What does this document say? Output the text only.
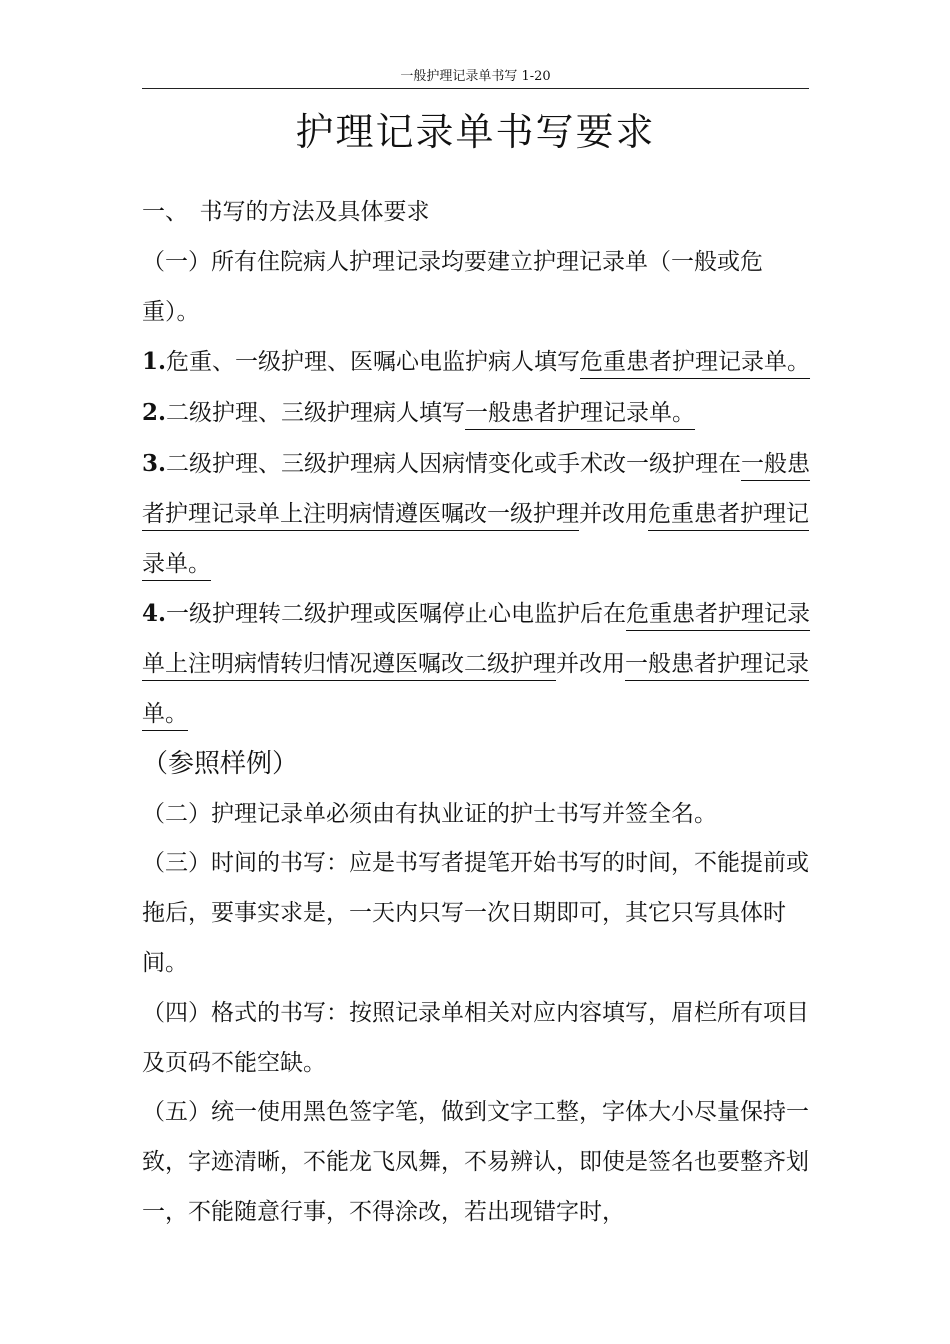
一般护理记录单书写 1-20
护理记录单书写要求

一、　书写的方法及具体要求

（一）所有住院病人护理记录均要建立护理记录单（一般或危重）。

1.危重、一级护理、医嘱心电监护病人填写危重患者护理记录单。

2.二级护理、三级护理病人填写一般患者护理记录单。

3.二级护理、三级护理病人因病情变化或手术改一级护理在一般患者护理记录单上注明病情遵医嘱改一级护理并改用危重患者护理记录单。

4.一级护理转二级护理或医嘱停止心电监护后在危重患者护理记录单上注明病情转归情况遵医嘱改二级护理并改用一般患者护理记录单。

（参照样例）

（二）护理记录单必须由有执业证的护士书写并签全名。

（三）时间的书写：应是书写者提笔开始书写的时间，不能提前或拖后，要事实求是，一天内只写一次日期即可，其它只写具体时间。

（四）格式的书写：按照记录单相关对应内容填写，眉栏所有项目及页码不能空缺。

（五）统一使用黑色签字笔，做到文字工整，字体大小尽量保持一致，字迹清晰，不能龙飞凤舞，不易辨认，即使是签名也要整齐划一，不能随意行事，不得涂改，若出现错字时，
